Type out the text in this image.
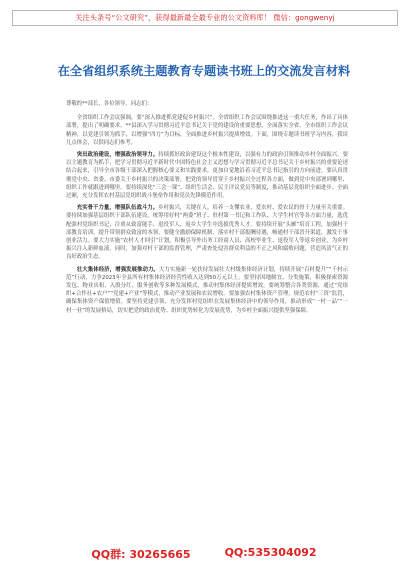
关注头条号“公文研究”，获得最新最全最专业的公文资料库！ 微信：gongwenyj
在全省组织系统主题教育专题读书班上的交流发言材料

尊敬的**部长，各位领导，同志们：

全省组织工作会议强调，要“深入推进抓党建促乡村振兴”。全省组织工作会议围绕推进这一重大任务，作出了具体部署，提出了明确要求。**县深入学习贯彻习近平总书记关于党的建设的重要思想，全面落实全省、全市组织工作会议精神，以党建引领为抓手，以增强“四力”为目标，全面推进乡村振兴提质增效。下面，围绕专题读书班学习内容，我谈几点体会，以供同志们参考。

突出政治建设，增强政治领导力。持续抓好政治建设这个根本性建设，以强有力的政治引领推动乡村全面振兴。要以主题教育为抓手，把学习贯彻习近平新时代中国特色社会主义思想与学习贯彻习近平总书记关于乡村振兴的重要论述结合起来，引导全市各级干部深入把握核心要义和实践要求，更加自觉地沿着习近平总书记指引的方向前进。要认真贯彻党中央、省委、市委关于乡村振兴的决策部署，把党的领导贯穿于乡村振兴全过程各方面，做到党中央部署到哪里、组织工作就跟进到哪里。要持续深化“三会一课”、组织生活会、民主评议党员等制度，推动基层党组织全面进步、全面过硬，充分发挥农村基层党组织战斗堡垒作用和党员先锋模范作用。

充实骨干力量，增强队伍战斗力。乡村振兴，关键在人。培养一支懂农业、爱农村、爱农民的骨干力量至关重要。要持续加强基层组织干部队伍建设，统筹用好村“两委”班子、驻村第一书记和工作队、大学生村官等各方面力量，选优配强村党组织书记，注重从致富能手、退役军人、返乡大学生中选拔优秀人才。要持续开展“头雁”培育工程，加强村干部教育培训，提升带领群众致富的本领。要健全激励保障机制，落实村干部报酬待遇，畅通村干部晋升渠道，激发干事创业活力。要大力实施“农村人才回引”计划，积极引导外出务工经商人员、高校毕业生、退役军人等返乡创业，为乡村振兴注入新鲜血液。同时，加强对村干部的监督管理，严肃查处侵害群众利益的不正之风和腐败问题，营造风清气正的良好政治生态。

壮大集体经济，增强发展推动力。大力实施新一轮扶持发展壮大村级集体经济计划，持续开展“百村提升”“千村示范”行动，力争2023年全县所有村集体经济经营性收入达到50万元以上。要坚持因地制宜、分类施策，积极探索资源发包、物业出租、入股分红、服务创收等多种发展模式，推动村集体经济提质增效。要统筹整合各类资源，通过“党组织+合作社+农户”“党建+产业”等模式，推动产业发展和农民增收。要加强农村集体资产管理，规范农村“三资”监管，确保集体资产保值增值。要坚持党建引领，充分发挥村党组织在发展集体经济中的领导作用，推动形成“一村一品”“一村一业”的发展格局，切实把党的政治优势、组织优势转化为发展优势，为乡村全面振兴提供坚强保障。

QQ群: 30265665	QQ:535304092
